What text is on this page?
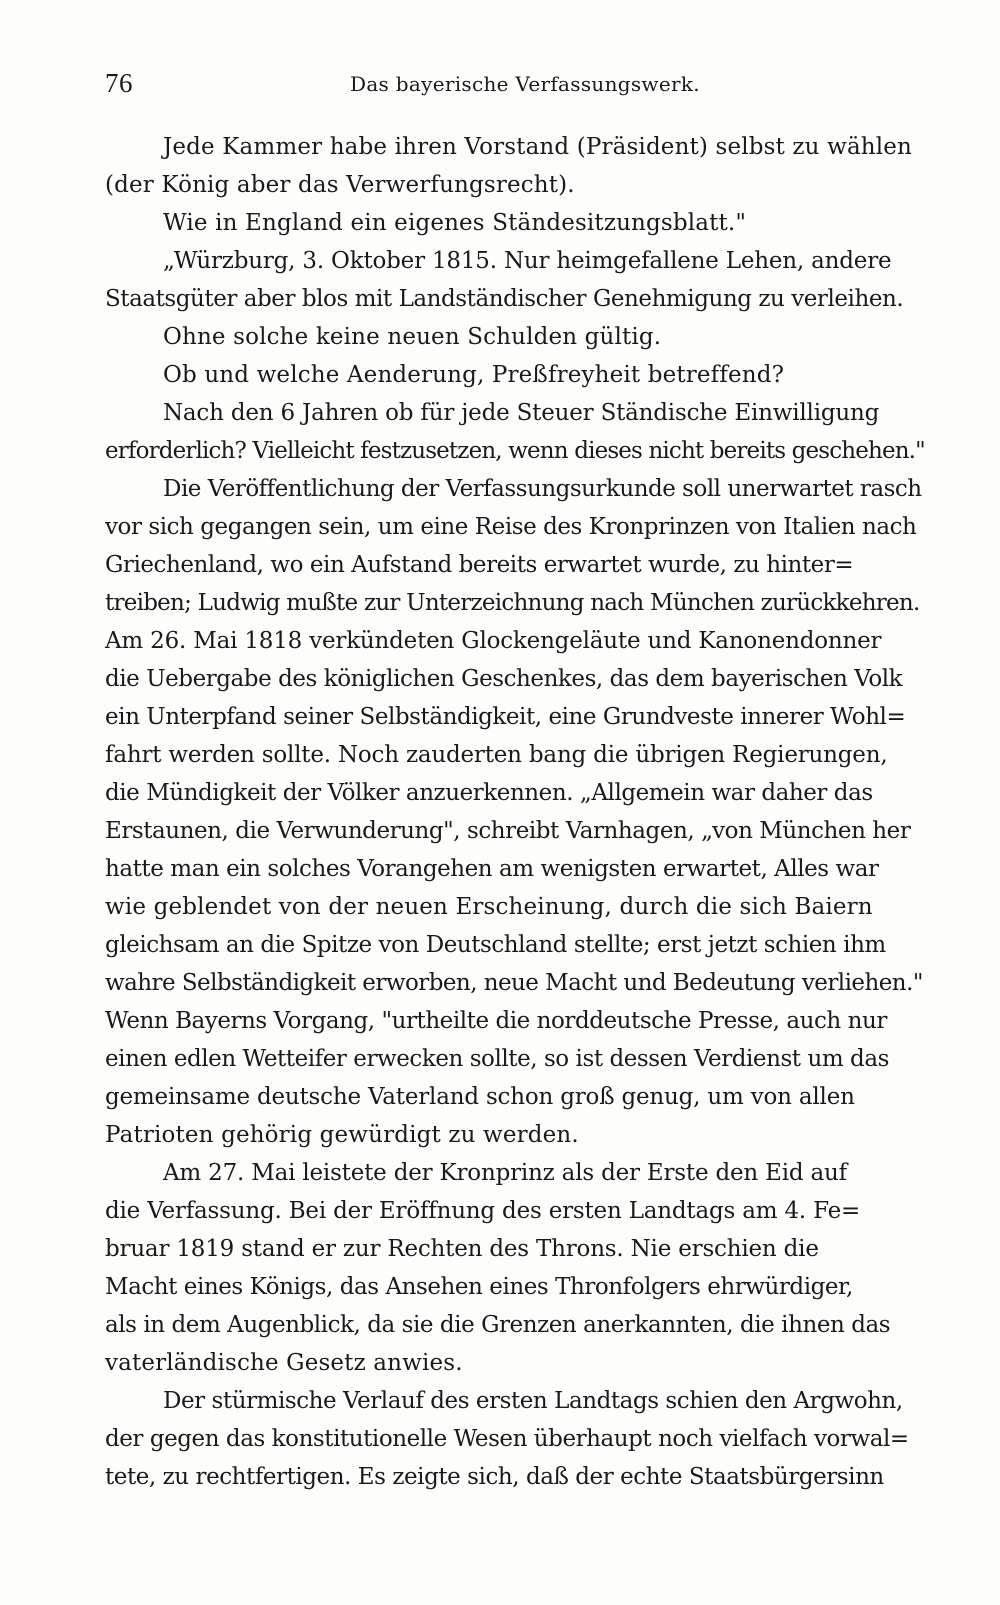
76	Das bayerische Verfassungswerk.
Jede Kammer habe ihren Vorstand (Präsident) selbst zu wählen
(der König aber das Verwerfungsrecht).
Wie in England ein eigenes Ständesitzungsblatt."
„Würzburg, 3. Oktober 1815. Nur heimgefallene Lehen, andere
Staatsgüter aber blos mit Landständischer Genehmigung zu verleihen.
Ohne solche keine neuen Schulden gültig.
Ob und welche Aenderung, Preßfreyheit betreffend?
Nach den 6 Jahren ob für jede Steuer Ständische Einwilligung
erforderlich? Vielleicht festzusetzen, wenn dieses nicht bereits geschehen."
Die Veröffentlichung der Verfassungsurkunde soll unerwartet rasch
vor sich gegangen sein, um eine Reise des Kronprinzen von Italien nach
Griechenland, wo ein Aufstand bereits erwartet wurde, zu hinter=
treiben; Ludwig mußte zur Unterzeichnung nach München zurückkehren.
Am 26. Mai 1818 verkündeten Glockengeläute und Kanonendonner
die Uebergabe des königlichen Geschenkes, das dem bayerischen Volk
ein Unterpfand seiner Selbständigkeit, eine Grundveste innerer Wohl=
fahrt werden sollte. Noch zauderten bang die übrigen Regierungen,
die Mündigkeit der Völker anzuerkennen. „Allgemein war daher das
Erstaunen, die Verwunderung", schreibt Varnhagen, „von München her
hatte man ein solches Vorangehen am wenigsten erwartet, Alles war
wie geblendet von der neuen Erscheinung, durch die sich Baiern
gleichsam an die Spitze von Deutschland stellte; erst jetzt schien ihm
wahre Selbständigkeit erworben, neue Macht und Bedeutung verliehen."
Wenn Bayerns Vorgang, "urtheilte die norddeutsche Presse, auch nur
einen edlen Wetteifer erwecken sollte, so ist dessen Verdienst um das
gemeinsame deutsche Vaterland schon groß genug, um von allen
Patrioten gehörig gewürdigt zu werden.
Am 27. Mai leistete der Kronprinz als der Erste den Eid auf
die Verfassung. Bei der Eröffnung des ersten Landtags am 4. Fe=
bruar 1819 stand er zur Rechten des Throns. Nie erschien die
Macht eines Königs, das Ansehen eines Thronfolgers ehrwürdiger,
als in dem Augenblick, da sie die Grenzen anerkannten, die ihnen das
vaterländische Gesetz anwies.
Der stürmische Verlauf des ersten Landtags schien den Argwohn,
der gegen das konstitutionelle Wesen überhaupt noch vielfach vorwal=
tete, zu rechtfertigen. Es zeigte sich, daß der echte Staatsbürgersinn
